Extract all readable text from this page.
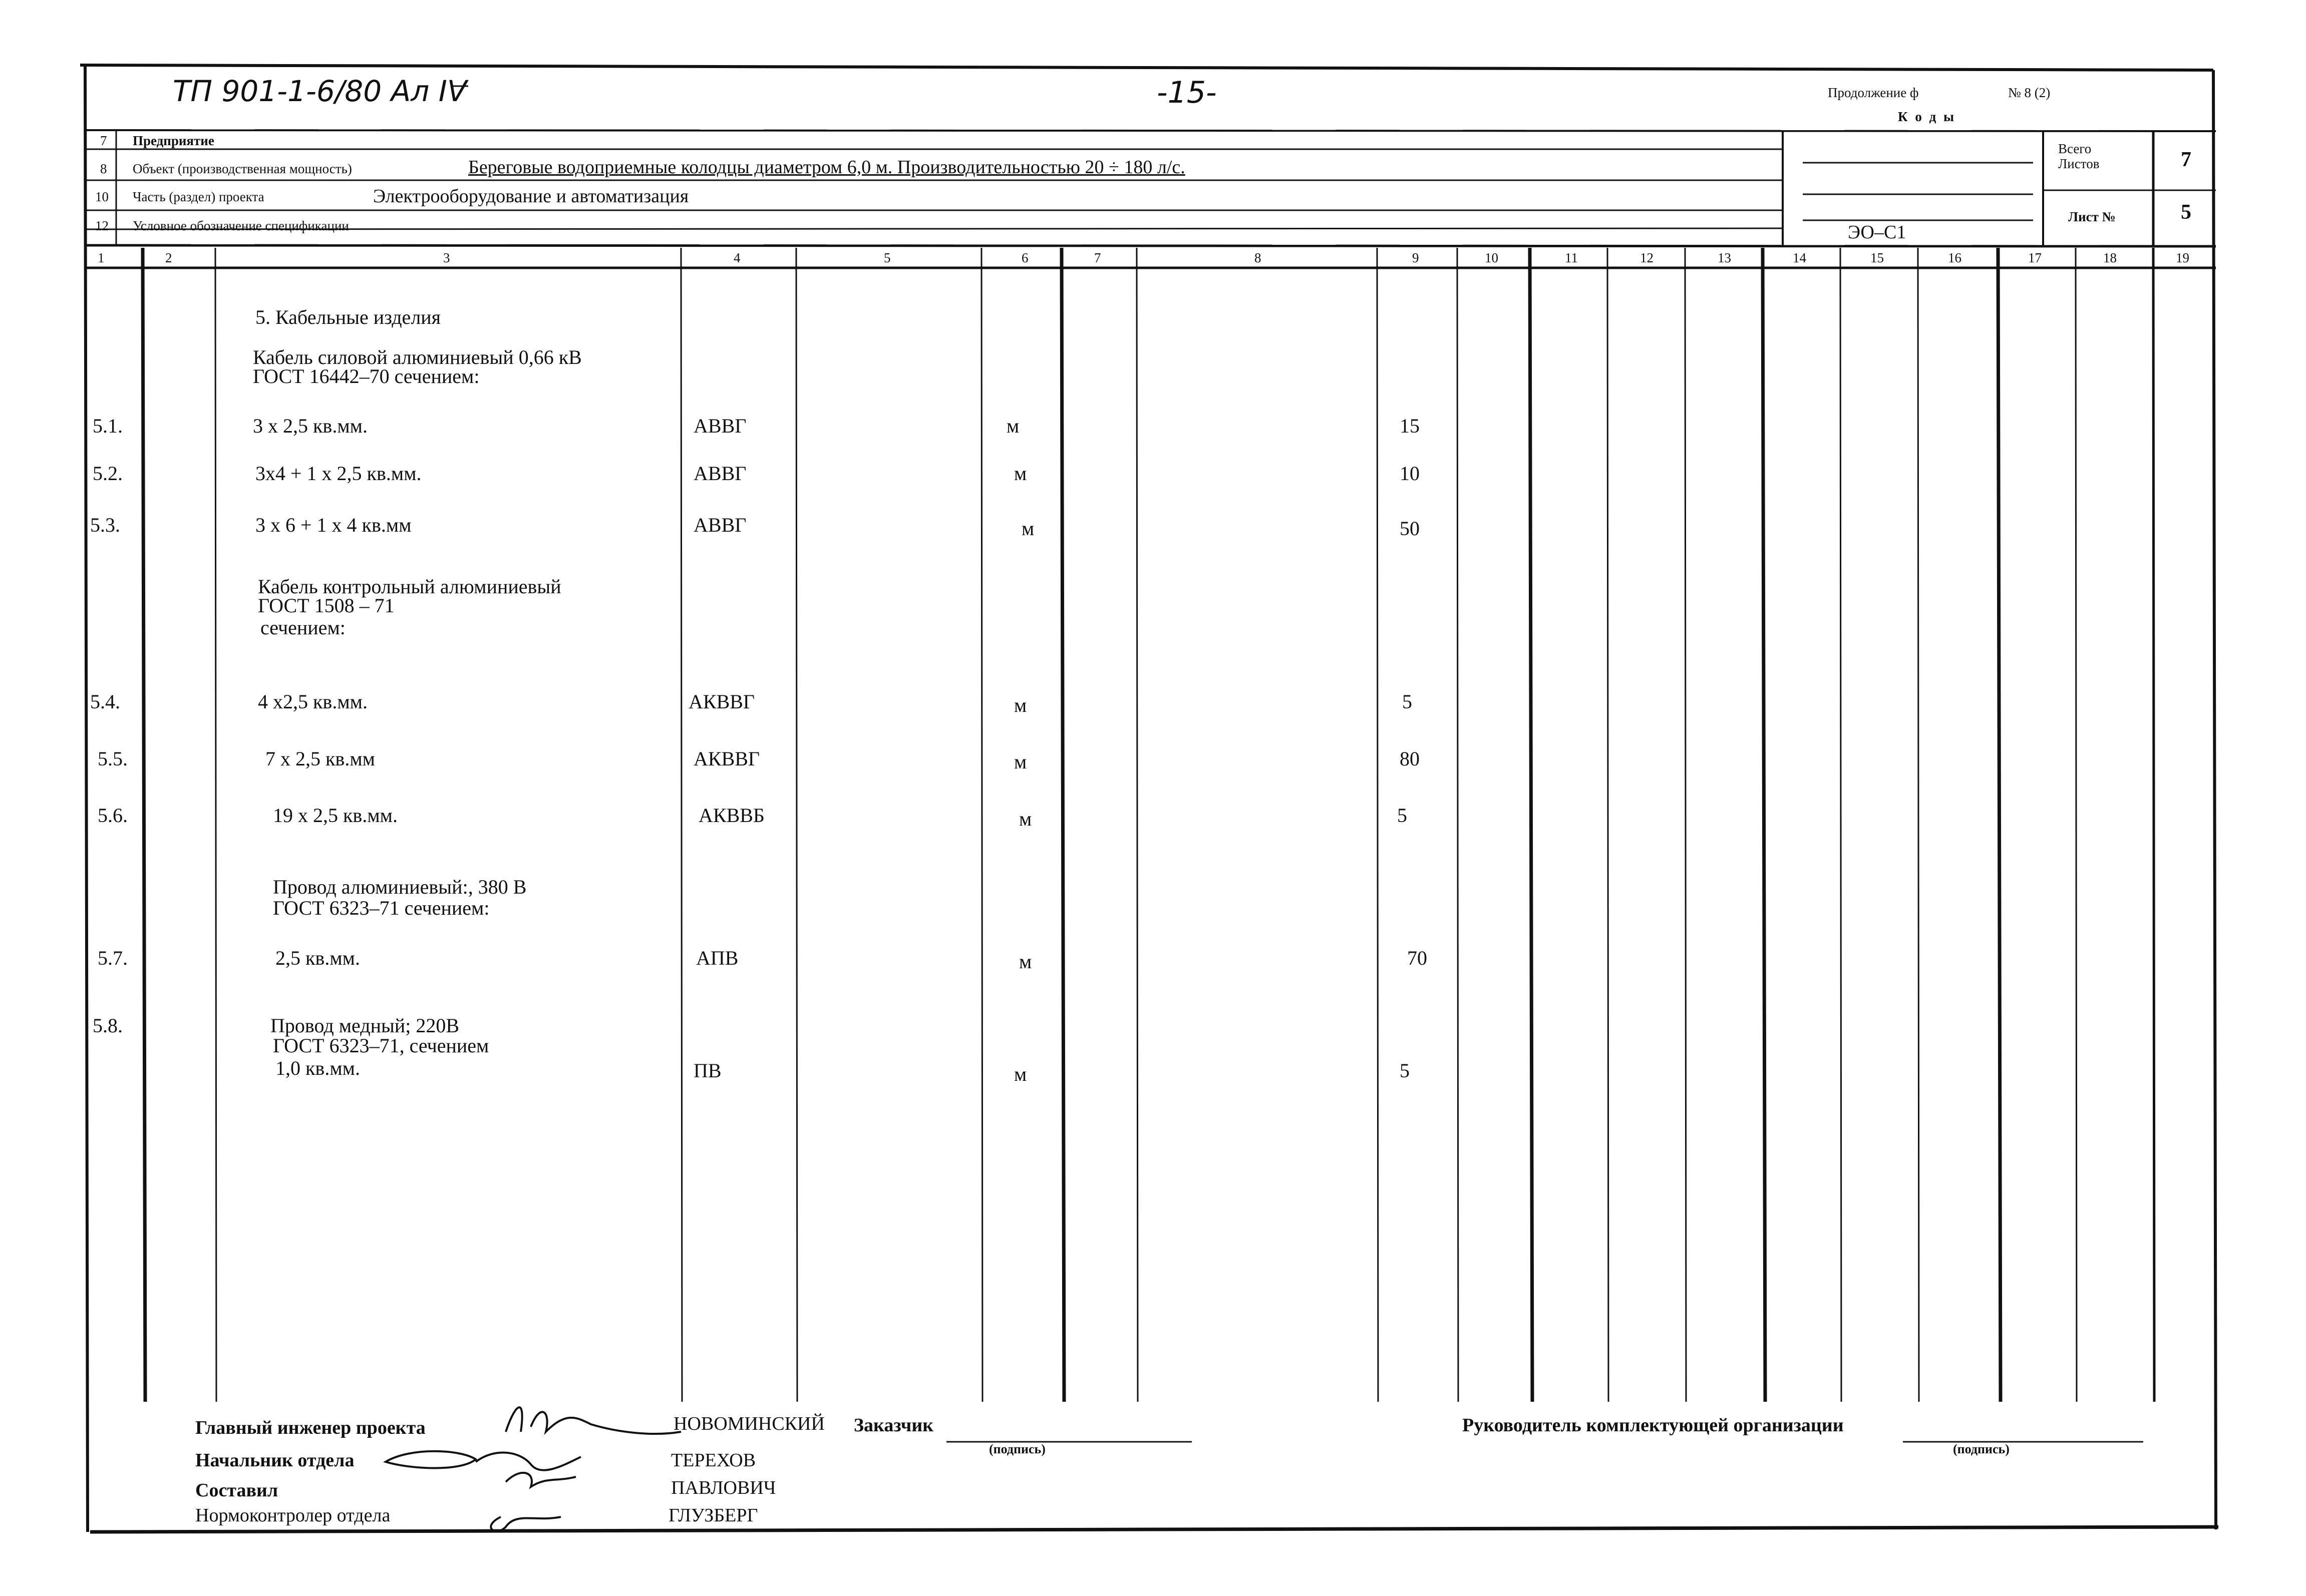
ТП 901-1-6/80 Ал IV	-15-	Продолжение ф	№ 8 (2)
К о д ы
7 Предприятие
8 Объект (производственная мощность)	Береговые водоприемные колодцы диаметром 6,0 м. Производительностью 20 ÷ 180 л/с.
10 Часть (раздел) проекта	Электрооборудование и автоматизация
12 Условное обозначение спецификации
Всего Листов	7
Лист №	5
ЭО–С1
1	2	3	4	5	6	7	8	9	10	11	12	13	14	15	16	17	18	19
5. Кабельные изделия
Кабель силовой алюминиевый 0,66 кВ
ГОСТ 16442–70 сечением:
5.1.	3 х 2,5 кв.мм.	АВВГ	м	15
5.2.	3х4 + 1 х 2,5 кв.мм.	АВВГ	м	10
5.3.	3 х 6 + 1 х 4 кв.мм	АВВГ	м	50
Кабель контрольный алюминиевый
ГОСТ 1508 – 71
сечением:
5.4.	4 х2,5 кв.мм.	АКВВГ	м	5
5.5.	7 х 2,5 кв.мм	АКВВГ	м	80
5.6.	19 х 2,5 кв.мм.	АКВВБ	м	5
Провод алюминиевый:, 380 В
ГОСТ 6323–71 сечением:
5.7.	2,5 кв.мм.	АПВ	м	70
5.8.	Провод медный; 220В
ГОСТ 6323–71, сечением
1,0 кв.мм.	ПВ	м	5
Главный инженер проекта	НОВОМИНСКИЙ Заказчик
(подпись)
Руководитель комплектующей организации
(подпись)
Начальник отдела	ТЕРЕХОВ
Составил	ПАВЛОВИЧ
Нормоконтролер отдела	ГЛУЗБЕРГ
